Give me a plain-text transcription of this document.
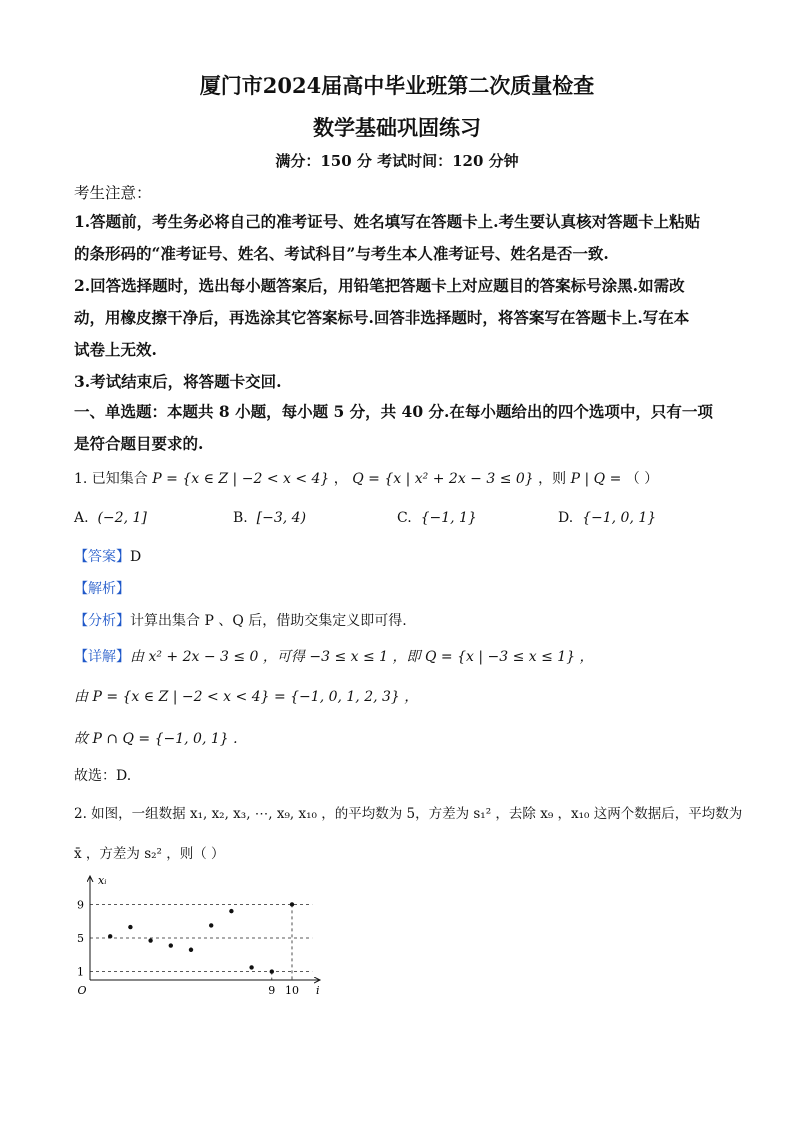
厦门市2024届高中毕业班第二次质量检查
数学基础巩固练习
满分：150 分 考试时间：120 分钟
考生注意：
1.答题前，考生务必将自己的准考证号、姓名填写在答题卡上.考生要认真核对答题卡上粘贴
的条形码的“准考证号、姓名、考试科目”与考生本人准考证号、姓名是否一致.
2.回答选择题时，选出每小题答案后，用铅笔把答题卡上对应题目的答案标号涂黑.如需改
动，用橡皮擦干净后，再选涂其它答案标号.回答非选择题时，将答案写在答题卡上.写在本
试卷上无效.
3.考试结束后，将答题卡交回.
一、单选题：本题共 8 小题，每小题 5 分，共 40 分.在每小题给出的四个选项中，只有一项
是符合题目要求的.
1. 已知集合 P = {x ∈ Z | −2 < x < 4} ， Q = {x | x² + 2x − 3 ≤ 0} ，则 P | Q = （ ）
A. (−2, 1]	B. [−3, 4)	C. {−1, 1}	D. {−1, 0, 1}
【答案】D
【解析】
【分析】计算出集合 P 、Q 后，借助交集定义即可得.
【详解】由 x² + 2x − 3 ≤ 0 ，可得 −3 ≤ x ≤ 1 ，即 Q = {x | −3 ≤ x ≤ 1} ，
由 P = {x ∈ Z | −2 < x < 4} = {−1, 0, 1, 2, 3} ，
故 P ∩ Q = {−1, 0, 1} .
故选：D.
2. 如图，一组数据 x₁, x₂, x₃, ⋯, x₉, x₁₀ ，的平均数为 5，方差为 s₁² ，去除 x₉ ，x₁₀ 这两个数据后，平均数为
x̄ ，方差为 s₂² ，则（ ）
1
5
9
9 10
O
xᵢ
i
